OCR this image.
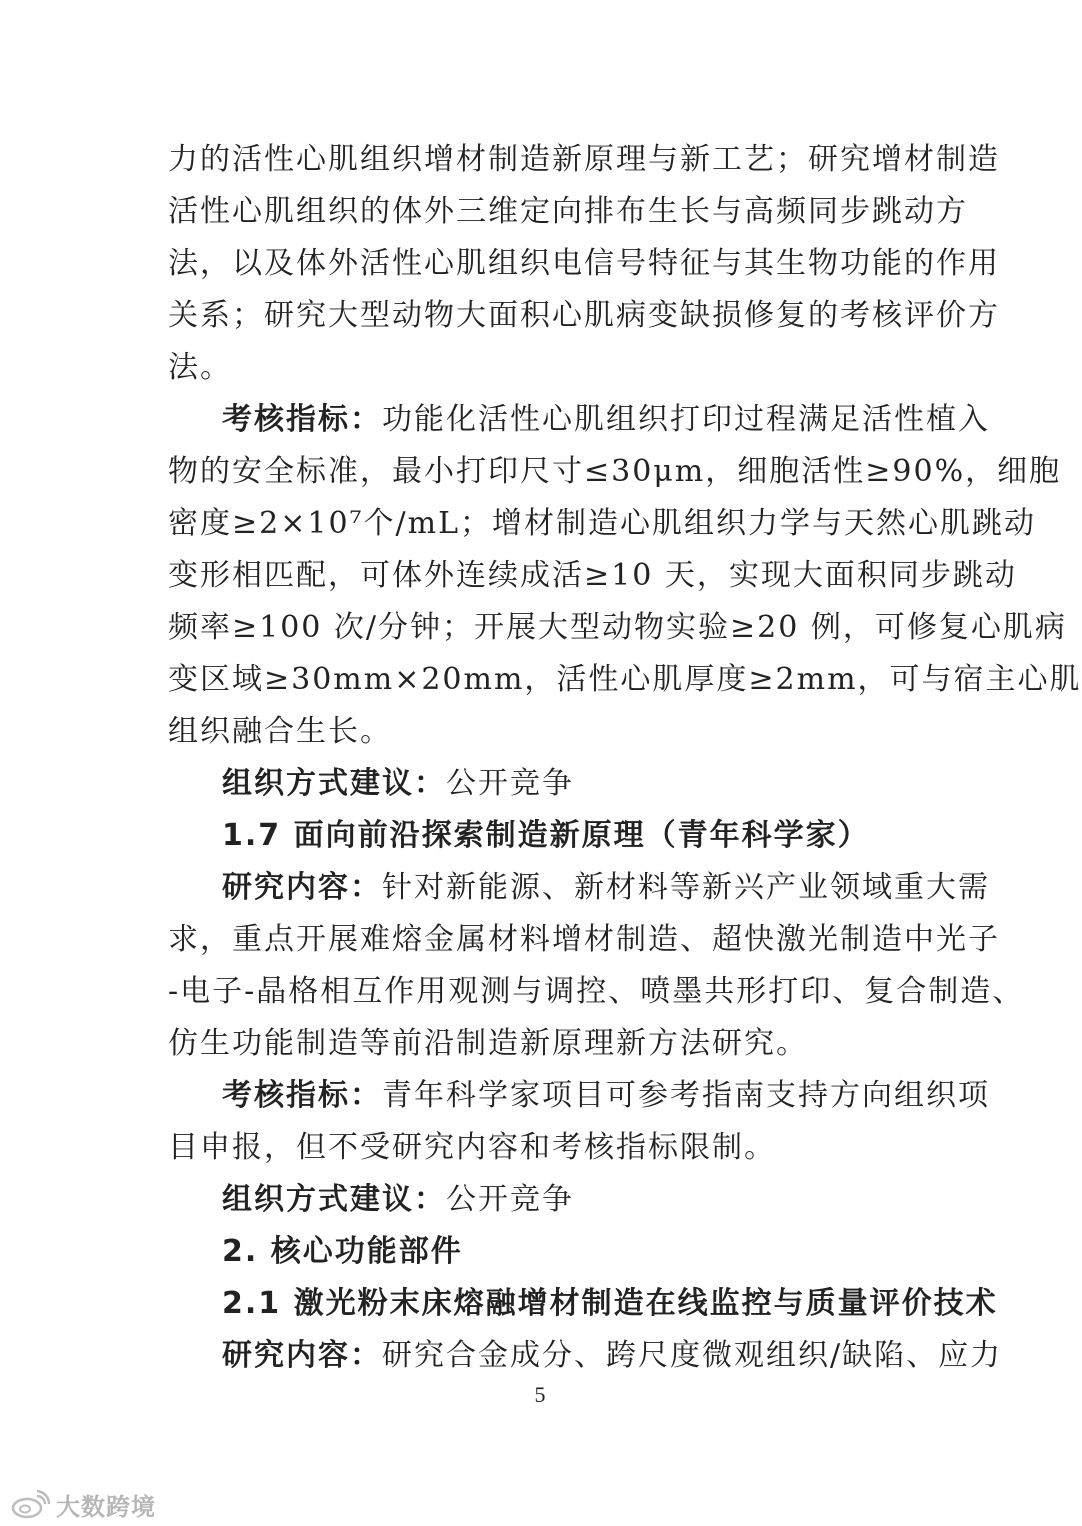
力的活性心肌组织增材制造新原理与新工艺；研究增材制造
活性心肌组织的体外三维定向排布生长与高频同步跳动方
法，以及体外活性心肌组织电信号特征与其生物功能的作用
关系；研究大型动物大面积心肌病变缺损修复的考核评价方
法。
考核指标：功能化活性心肌组织打印过程满足活性植入
物的安全标准，最小打印尺寸≤30μm，细胞活性≥90%，细胞
密度≥2×10⁷个/mL；增材制造心肌组织力学与天然心肌跳动
变形相匹配，可体外连续成活≥10 天，实现大面积同步跳动
频率≥100 次/分钟；开展大型动物实验≥20 例，可修复心肌病
变区域≥30mm×20mm，活性心肌厚度≥2mm，可与宿主心肌
组织融合生长。
组织方式建议：公开竞争
1.7 面向前沿探索制造新原理（青年科学家）
研究内容：针对新能源、新材料等新兴产业领域重大需
求，重点开展难熔金属材料增材制造、超快激光制造中光子
-电子-晶格相互作用观测与调控、喷墨共形打印、复合制造、
仿生功能制造等前沿制造新原理新方法研究。
考核指标：青年科学家项目可参考指南支持方向组织项
目申报，但不受研究内容和考核指标限制。
组织方式建议：公开竞争
2. 核心功能部件
2.1 激光粉末床熔融增材制造在线监控与质量评价技术
研究内容：研究合金成分、跨尺度微观组织/缺陷、应力
5
大数跨境
